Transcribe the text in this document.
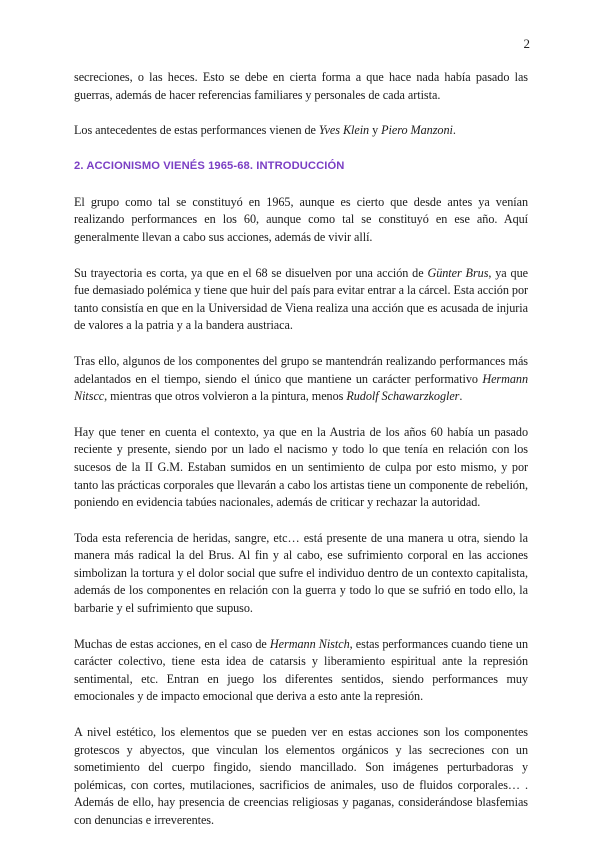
2

secreciones, o las heces. Esto se debe en cierta forma a que hace nada había pasado las guerras, además de hacer referencias familiares y personales de cada artista.

Los antecedentes de estas performances vienen de Yves Klein y Piero Manzoni.

2. ACCIONISMO VIENÉS 1965-68. INTRODUCCIÓN

El grupo como tal se constituyó en 1965, aunque es cierto que desde antes ya venían realizando performances en los 60, aunque como tal se constituyó en ese año. Aquí generalmente llevan a cabo sus acciones, además de vivir allí.

Su trayectoria es corta, ya que en el 68 se disuelven por una acción de Günter Brus, ya que fue demasiado polémica y tiene que huir del país para evitar entrar a la cárcel. Esta acción por tanto consistía en que en la Universidad de Viena realiza una acción que es acusada de injuria de valores a la patria y a la bandera austriaca.

Tras ello, algunos de los componentes del grupo se mantendrán realizando performances más adelantados en el tiempo, siendo el único que mantiene un carácter performativo Hermann Nitscc, mientras que otros volvieron a la pintura, menos Rudolf Schawarzkogler.

Hay que tener en cuenta el contexto, ya que en la Austria de los años 60 había un pasado reciente y presente, siendo por un lado el nacismo y todo lo que tenía en relación con los sucesos de la II G.M. Estaban sumidos en un sentimiento de culpa por esto mismo, y por tanto las prácticas corporales que llevarán a cabo los artistas tiene un componente de rebelión, poniendo en evidencia tabúes nacionales, además de criticar y rechazar la autoridad.

Toda esta referencia de heridas, sangre, etc… está presente de una manera u otra, siendo la manera más radical la del Brus. Al fin y al cabo, ese sufrimiento corporal en las acciones simbolizan la tortura y el dolor social que sufre el individuo dentro de un contexto capitalista, además de los componentes en relación con la guerra y todo lo que se sufrió en todo ello, la barbarie y el sufrimiento que supuso.

Muchas de estas acciones, en el caso de Hermann Nistch, estas performances cuando tiene un carácter colectivo, tiene esta idea de catarsis y liberamiento espiritual ante la represión sentimental, etc. Entran en juego los diferentes sentidos, siendo performances muy emocionales y de impacto emocional que deriva a esto ante la represión.

A nivel estético, los elementos que se pueden ver en estas acciones son los componentes grotescos y abyectos, que vinculan los elementos orgánicos y las secreciones con un sometimiento del cuerpo fingido, siendo mancillado. Son imágenes perturbadoras y polémicas, con cortes, mutilaciones, sacrificios de animales, uso de fluidos corporales… . Además de ello, hay presencia de creencias religiosas y paganas, considerándose blasfemias con denuncias e irreverentes.
